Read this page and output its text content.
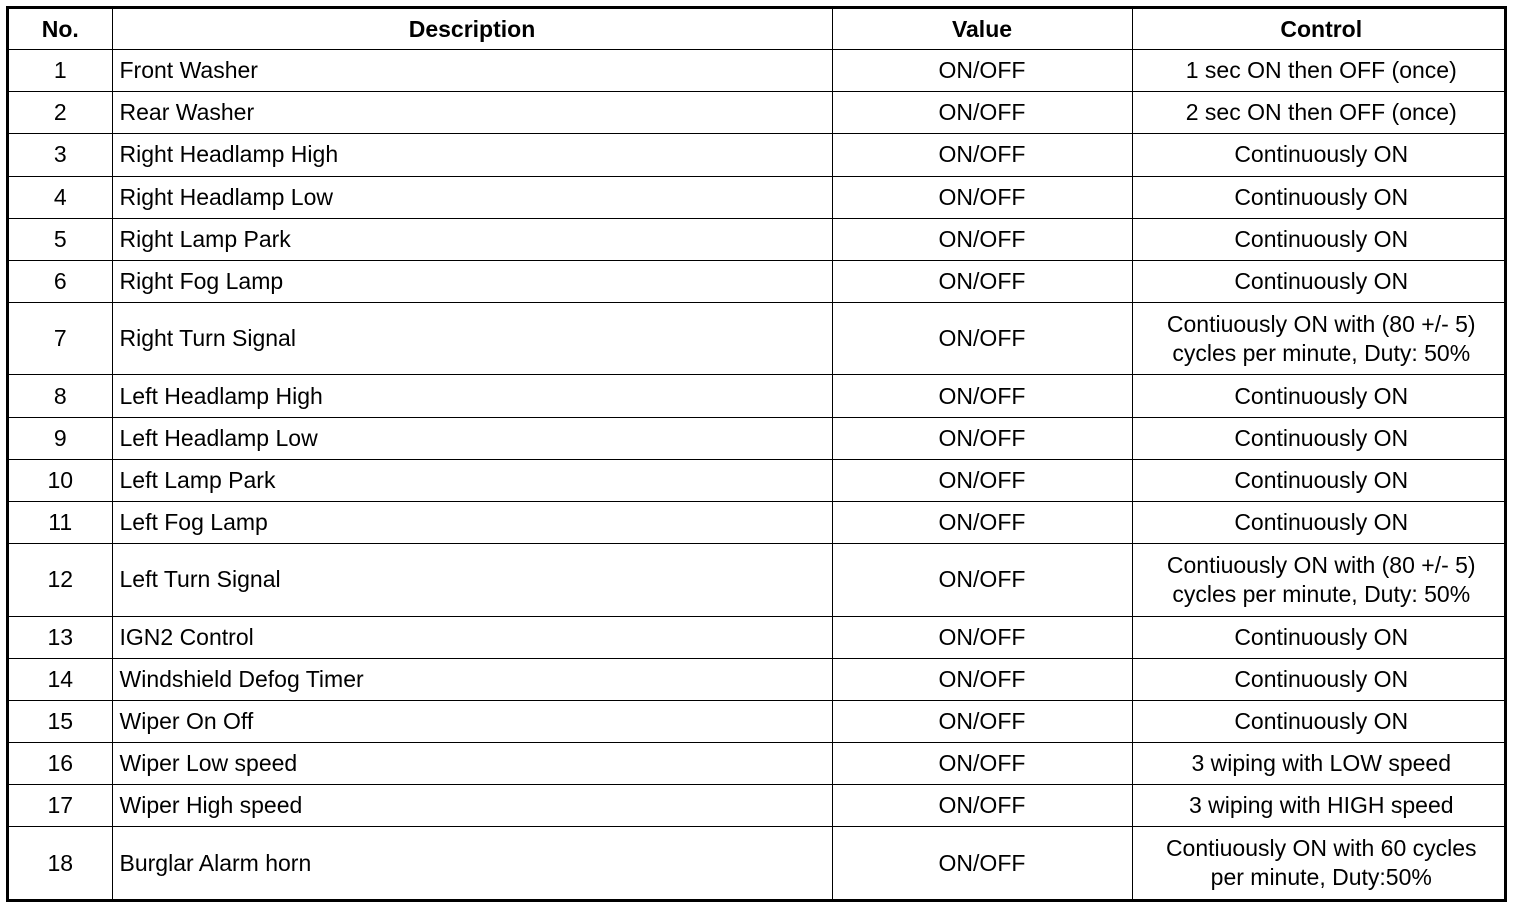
No.	Description	Value	Control
1	Front Washer	ON/OFF	1 sec ON then OFF (once)
2	Rear Washer	ON/OFF	2 sec ON then OFF (once)
3	Right Headlamp High	ON/OFF	Continuously ON
4	Right Headlamp Low	ON/OFF	Continuously ON
5	Right Lamp Park	ON/OFF	Continuously ON
6	Right Fog Lamp	ON/OFF	Continuously ON
7	Right Turn Signal	ON/OFF	Contiuously ON with (80 +/- 5)
cycles per minute, Duty: 50%
8	Left Headlamp High	ON/OFF	Continuously ON
9	Left Headlamp Low	ON/OFF	Continuously ON
10	Left Lamp Park	ON/OFF	Continuously ON
11	Left Fog Lamp	ON/OFF	Continuously ON
12	Left Turn Signal	ON/OFF	Contiuously ON with (80 +/- 5)
cycles per minute, Duty: 50%
13	IGN2 Control	ON/OFF	Continuously ON
14	Windshield Defog Timer	ON/OFF	Continuously ON
15	Wiper On Off	ON/OFF	Continuously ON
16	Wiper Low speed	ON/OFF	3 wiping with LOW speed
17	Wiper High speed	ON/OFF	3 wiping with HIGH speed
18	Burglar Alarm horn	ON/OFF	Contiuously ON with 60 cycles
per minute, Duty:50%
